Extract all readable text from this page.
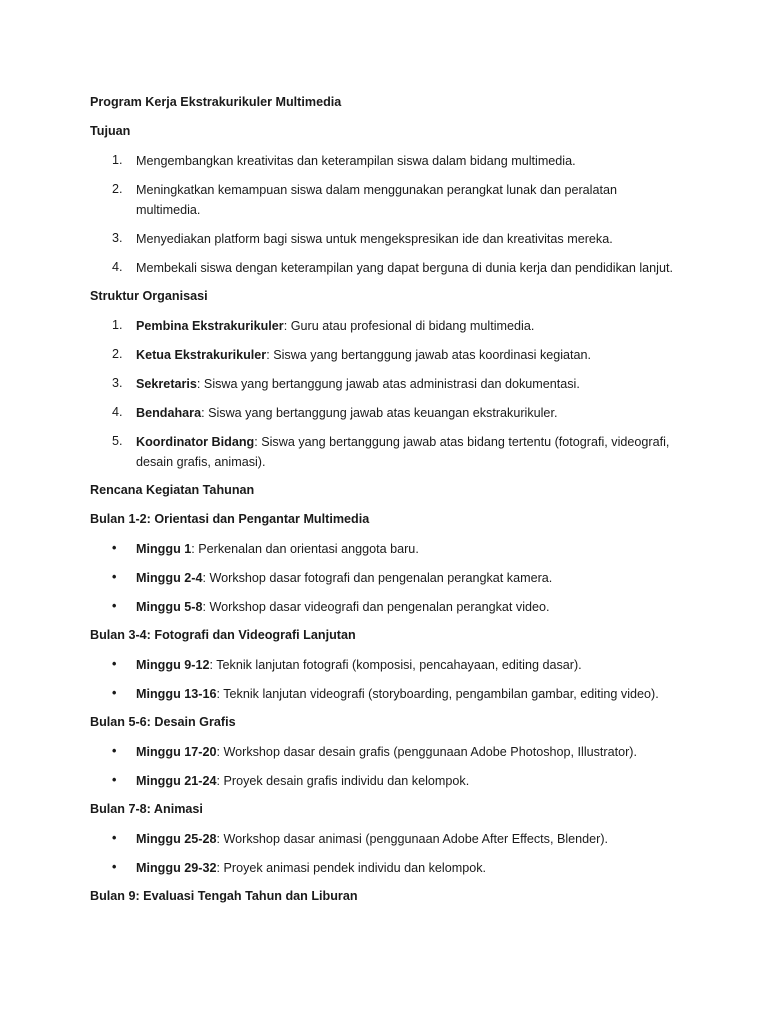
Program Kerja Ekstrakurikuler Multimedia
Tujuan
1. Mengembangkan kreativitas dan keterampilan siswa dalam bidang multimedia.
2. Meningkatkan kemampuan siswa dalam menggunakan perangkat lunak dan peralatan
multimedia.
3. Menyediakan platform bagi siswa untuk mengekspresikan ide dan kreativitas mereka.
4. Membekali siswa dengan keterampilan yang dapat berguna di dunia kerja dan pendidikan lanjut.
Struktur Organisasi
1. Pembina Ekstrakurikuler: Guru atau profesional di bidang multimedia.
2. Ketua Ekstrakurikuler: Siswa yang bertanggung jawab atas koordinasi kegiatan.
3. Sekretaris: Siswa yang bertanggung jawab atas administrasi dan dokumentasi.
4. Bendahara: Siswa yang bertanggung jawab atas keuangan ekstrakurikuler.
5. Koordinator Bidang: Siswa yang bertanggung jawab atas bidang tertentu (fotografi, videografi,
desain grafis, animasi).
Rencana Kegiatan Tahunan
Bulan 1-2: Orientasi dan Pengantar Multimedia
• Minggu 1: Perkenalan dan orientasi anggota baru.
• Minggu 2-4: Workshop dasar fotografi dan pengenalan perangkat kamera.
• Minggu 5-8: Workshop dasar videografi dan pengenalan perangkat video.
Bulan 3-4: Fotografi dan Videografi Lanjutan
• Minggu 9-12: Teknik lanjutan fotografi (komposisi, pencahayaan, editing dasar).
• Minggu 13-16: Teknik lanjutan videografi (storyboarding, pengambilan gambar, editing video).
Bulan 5-6: Desain Grafis
• Minggu 17-20: Workshop dasar desain grafis (penggunaan Adobe Photoshop, Illustrator).
• Minggu 21-24: Proyek desain grafis individu dan kelompok.
Bulan 7-8: Animasi
• Minggu 25-28: Workshop dasar animasi (penggunaan Adobe After Effects, Blender).
• Minggu 29-32: Proyek animasi pendek individu dan kelompok.
Bulan 9: Evaluasi Tengah Tahun dan Liburan
